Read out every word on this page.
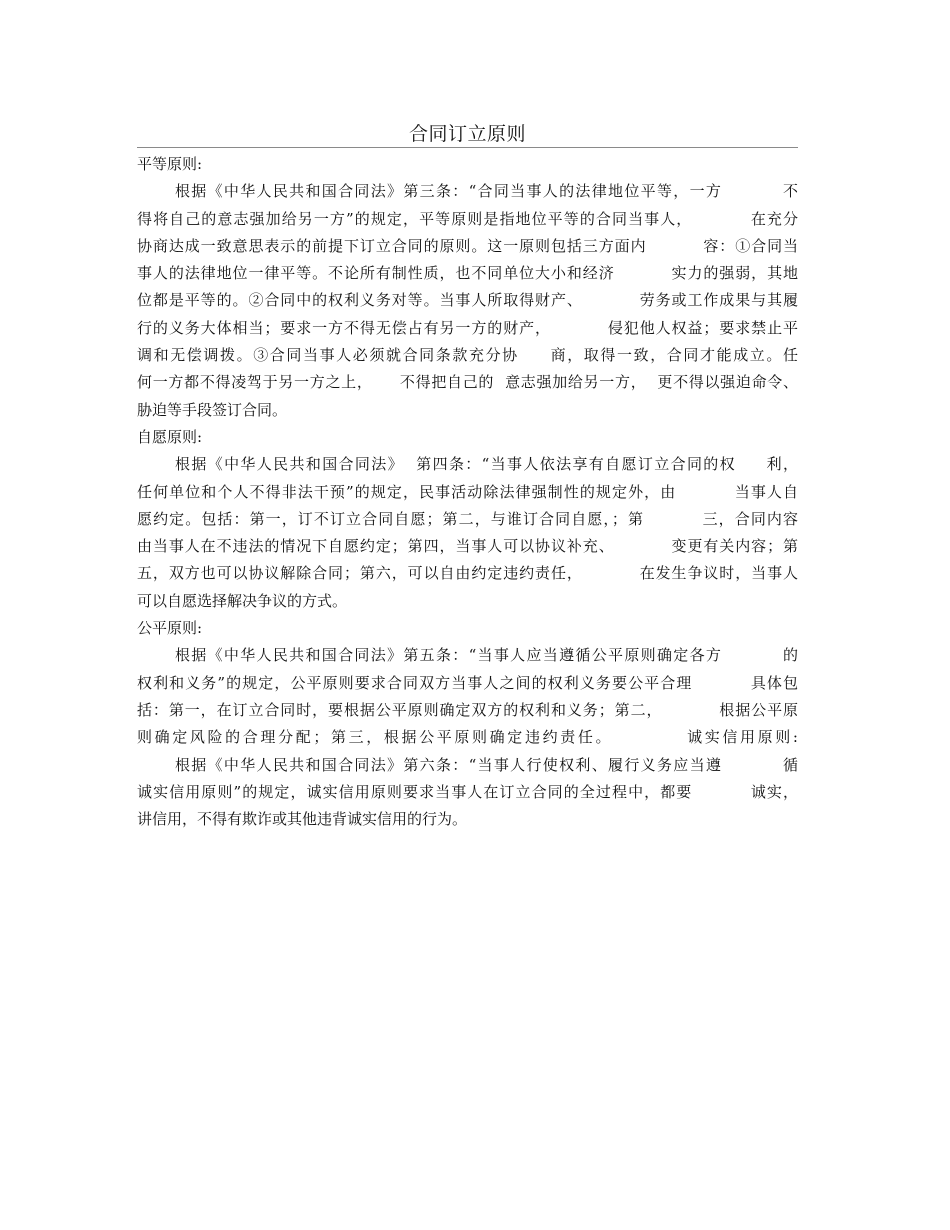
合同订立原则
平等原则:
根据《中华人民共和国合同法》第三条：“合同当事人的法律地位平等，一方          不
得将自己的意志强加给另一方”的规定，平等原则是指地位平等的合同当事人，          在充分
协商达成一致意思表示的前提下订立合同的原则。这一原则包括三方面内          容：①合同当
事人的法律地位一律平等。不论所有制性质，也不同单位大小和经济          实力的强弱，其地
位都是平等的。②合同中的权利义务对等。当事人所取得财产、          劳务或工作成果与其履
行的义务大体相当；要求一方不得无偿占有另一方的财产，          侵犯他人权益；要求禁止平
调和无偿调拨。③合同当事人必须就合同条款充分协     商，取得一致，合同才能成立。任
何一方都不得凌驾于另一方之上，     不得把自己的  意志强加给另一方，  更不得以强迫命令、
胁迫等手段签订合同。
自愿原则:
根据《中华人民共和国合同法》  第四条：“当事人依法享有自愿订立合同的权     利，
任何单位和个人不得非法干预”的规定，民事活动除法律强制性的规定外，由          当事人自
愿约定。包括：第一，订不订立合同自愿；第二，与谁订合同自愿，；第          三，合同内容
由当事人在不违法的情况下自愿约定；第四，当事人可以协议补充、          变更有关内容；第
五，双方也可以协议解除合同；第六，可以自由约定违约责任，          在发生争议时，当事人
可以自愿选择解决争议的方式。
公平原则:
根据《中华人民共和国合同法》第五条：“当事人应当遵循公平原则确定各方          的
权利和义务”的规定，公平原则要求合同双方当事人之间的权利义务要公平合理          具体包
括：第一，在订立合同时，要根据公平原则确定双方的权利和义务；第二，          根据公平原
则确定风险的合理分配；第三，根据公平原则确定违约责任。          诚实信用原则:
根据《中华人民共和国合同法》第六条：“当事人行使权利、履行义务应当遵          循
诚实信用原则”的规定，诚实信用原则要求当事人在订立合同的全过程中，都要          诚实，
讲信用，不得有欺诈或其他违背诚实信用的行为。
